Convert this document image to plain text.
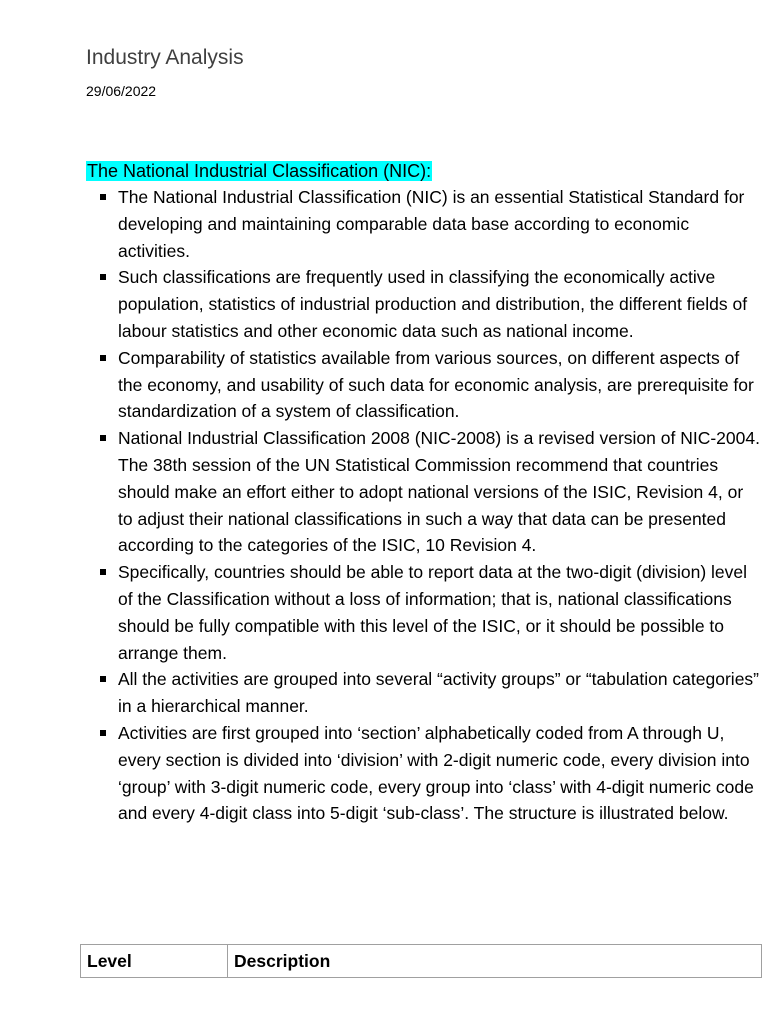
Industry Analysis
29/06/2022
The National Industrial Classification (NIC):
The National Industrial Classification (NIC) is an essential Statistical Standard for developing and maintaining comparable data base according to economic activities.
Such classifications are frequently used in classifying the economically active population, statistics of industrial production and distribution, the different fields of labour statistics and other economic data such as national income.
Comparability of statistics available from various sources, on different aspects of the economy, and usability of such data for economic analysis, are prerequisite for standardization of a system of classification.
National Industrial Classification 2008 (NIC-2008) is a revised version of NIC-2004. The 38th session of the UN Statistical Commission recommend that countries should make an effort either to adopt national versions of the ISIC, Revision 4, or to adjust their national classifications in such a way that data can be presented according to the categories of the ISIC, 10 Revision 4.
Specifically, countries should be able to report data at the two-digit (division) level of the Classification without a loss of information; that is, national classifications should be fully compatible with this level of the ISIC, or it should be possible to arrange them.
All the activities are grouped into several “activity groups” or “tabulation categories” in a hierarchical manner.
Activities are first grouped into ‘section’ alphabetically coded from A through U, every section is divided into ‘division’ with 2-digit numeric code, every division into ‘group’ with 3-digit numeric code, every group into ‘class’ with 4-digit numeric code and every 4-digit class into 5-digit ‘sub-class’. The structure is illustrated below.
Level	Description
